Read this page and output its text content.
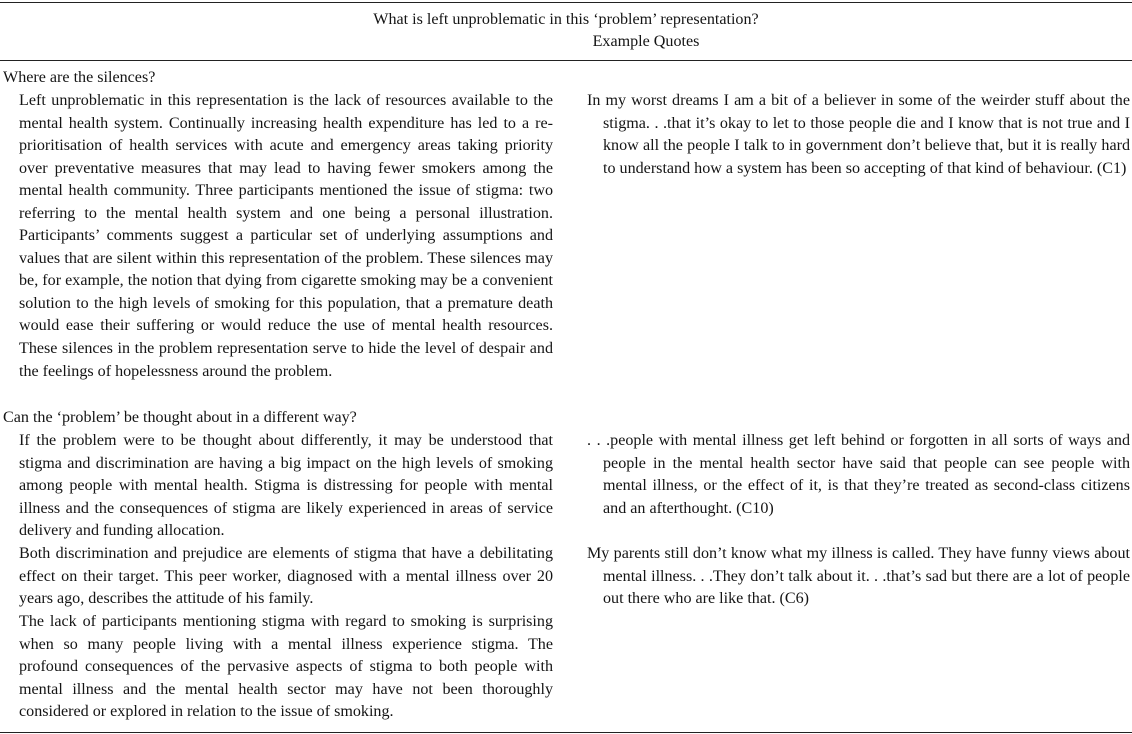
What is left unproblematic in this ‘problem’ representation?
Example Quotes
Where are the silences?
Left unproblematic in this representation is the lack of resources available to the mental health system. Continually increasing health expenditure has led to a re-prioritisation of health services with acute and emergency areas taking priority over preventative measures that may lead to having fewer smokers among the mental health community. Three participants mentioned the issue of stigma: two referring to the mental health system and one being a personal illustration. Participants’ comments suggest a particular set of underlying assumptions and values that are silent within this representation of the problem. These silences may be, for example, the notion that dying from cigarette smoking may be a convenient solution to the high levels of smoking for this population, that a premature death would ease their suffering or would reduce the use of mental health resources. These silences in the problem representation serve to hide the level of despair and the feelings of hopelessness around the problem.
In my worst dreams I am a bit of a believer in some of the weirder stuff about the stigma. . .that it’s okay to let to those people die and I know that is not true and I know all the people I talk to in government don’t believe that, but it is really hard to understand how a system has been so accepting of that kind of behaviour. (C1)
Can the ‘problem’ be thought about in a different way?
If the problem were to be thought about differently, it may be understood that stigma and discrimination are having a big impact on the high levels of smoking among people with mental health. Stigma is distressing for people with mental illness and the consequences of stigma are likely experienced in areas of service delivery and funding allocation.
. . .people with mental illness get left behind or forgotten in all sorts of ways and people in the mental health sector have said that people can see people with mental illness, or the effect of it, is that they’re treated as second-class citizens and an afterthought. (C10)
Both discrimination and prejudice are elements of stigma that have a debilitating effect on their target. This peer worker, diagnosed with a mental illness over 20 years ago, describes the attitude of his family.
My parents still don’t know what my illness is called. They have funny views about mental illness. . .They don’t talk about it. . .that’s sad but there are a lot of people out there who are like that. (C6)
The lack of participants mentioning stigma with regard to smoking is surprising when so many people living with a mental illness experience stigma. The profound consequences of the pervasive aspects of stigma to both people with mental illness and the mental health sector may have not been thoroughly considered or explored in relation to the issue of smoking.
